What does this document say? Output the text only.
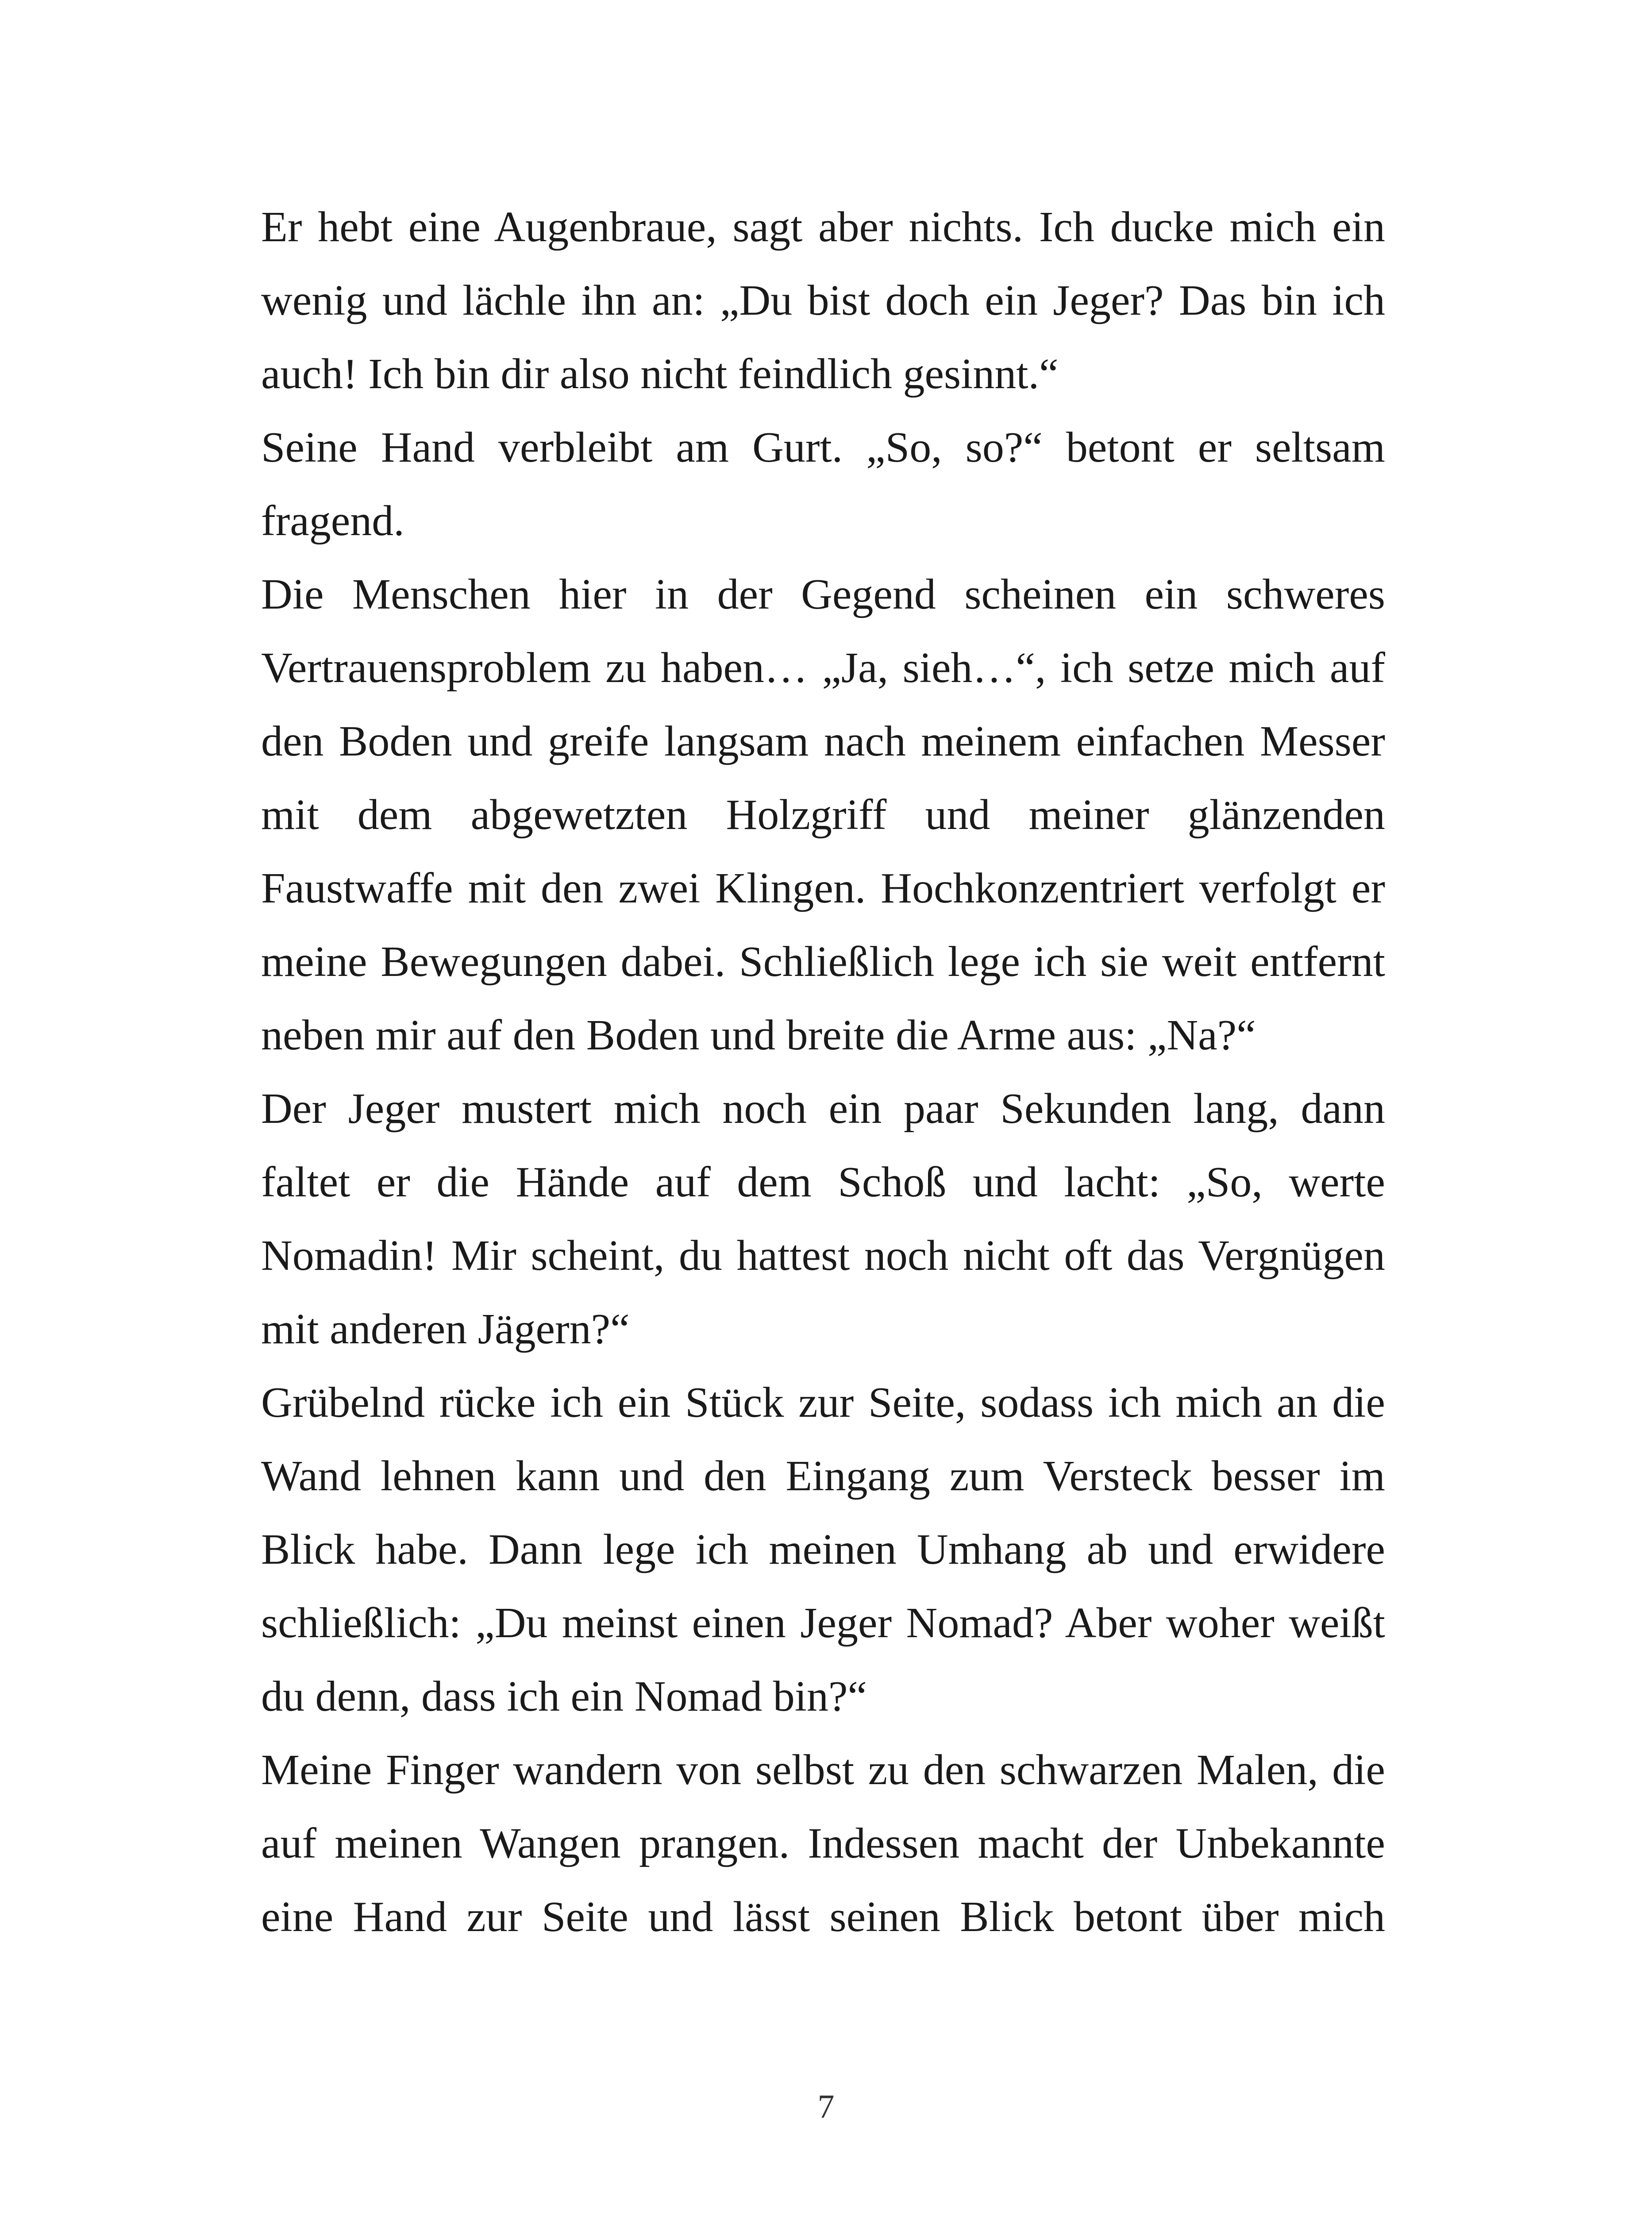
Er hebt eine Augenbraue, sagt aber nichts. Ich ducke mich ein
wenig und lächle ihn an: „Du bist doch ein Jeger? Das bin ich
auch! Ich bin dir also nicht feindlich gesinnt.“
Seine Hand verbleibt am Gurt. „So, so?“ betont er seltsam
fragend.
Die Menschen hier in der Gegend scheinen ein schweres
Vertrauensproblem zu haben… „Ja, sieh…“, ich setze mich auf
den Boden und greife langsam nach meinem einfachen Messer
mit dem abgewetzten Holzgriff und meiner glänzenden
Faustwaffe mit den zwei Klingen. Hochkonzentriert verfolgt er
meine Bewegungen dabei. Schließlich lege ich sie weit entfernt
neben mir auf den Boden und breite die Arme aus: „Na?“
Der Jeger mustert mich noch ein paar Sekunden lang, dann
faltet er die Hände auf dem Schoß und lacht: „So, werte
Nomadin! Mir scheint, du hattest noch nicht oft das Vergnügen
mit anderen Jägern?“
Grübelnd rücke ich ein Stück zur Seite, sodass ich mich an die
Wand lehnen kann und den Eingang zum Versteck besser im
Blick habe. Dann lege ich meinen Umhang ab und erwidere
schließlich: „Du meinst einen Jeger Nomad? Aber woher weißt
du denn, dass ich ein Nomad bin?“
Meine Finger wandern von selbst zu den schwarzen Malen, die
auf meinen Wangen prangen. Indessen macht der Unbekannte
eine Hand zur Seite und lässt seinen Blick betont über mich
7
